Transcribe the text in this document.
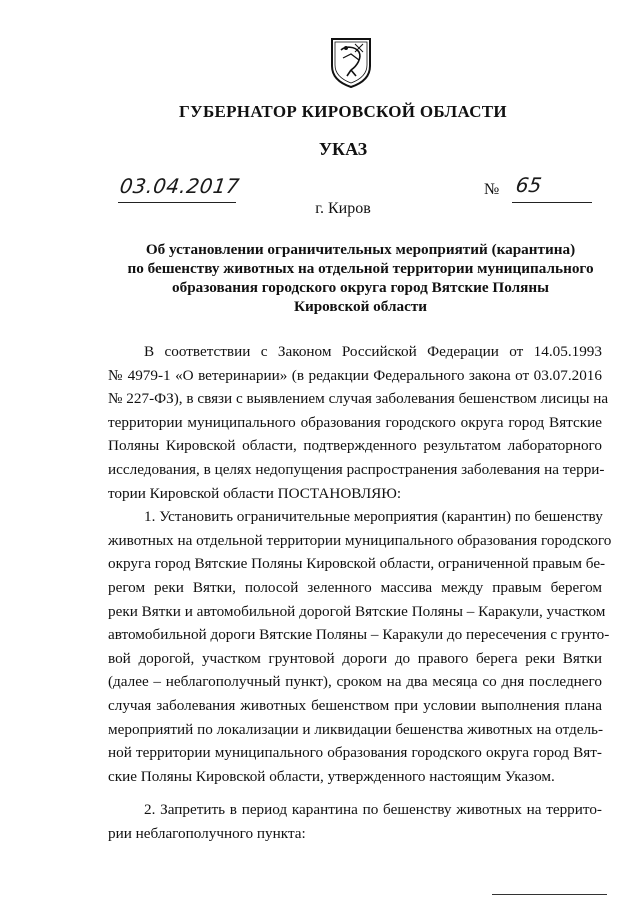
ГУБЕРНАТОР КИРОВСКОЙ ОБЛАСТИ
УКАЗ
03.04.2017	№ 65
г. Киров
Об установлении ограничительных мероприятий (карантина)
по бешенству животных на отдельной территории муниципального
образования городского округа город Вятские Поляны
Кировской области
В соответствии с Законом Российской Федерации от 14.05.1993
№ 4979-1 «О ветеринарии» (в редакции Федерального закона от 03.07.2016
№ 227-ФЗ), в связи с выявлением случая заболевания бешенством лисицы на
территории муниципального образования городского округа город Вятские
Поляны Кировской области, подтвержденного результатом лабораторного
исследования, в целях недопущения распространения заболевания на терри-
тории Кировской области ПОСТАНОВЛЯЮ:
1. Установить ограничительные мероприятия (карантин) по бешенству
животных на отдельной территории муниципального образования городского
округа город Вятские Поляны Кировской области, ограниченной правым бе-
регом реки Вятки, полосой зеленного массива между правым берегом
реки Вятки и автомобильной дорогой Вятские Поляны – Каракули, участком
автомобильной дороги Вятские Поляны – Каракули до пересечения с грунто-
вой дорогой, участком грунтовой дороги до правого берега реки Вятки
(далее – неблагополучный пункт), сроком на два месяца со дня последнего
случая заболевания животных бешенством при условии выполнения плана
мероприятий по локализации и ликвидации бешенства животных на отдель-
ной территории муниципального образования городского округа город Вят-
ские Поляны Кировской области, утвержденного настоящим Указом.
2. Запретить в период карантина по бешенству животных на террито-
рии неблагополучного пункта:
